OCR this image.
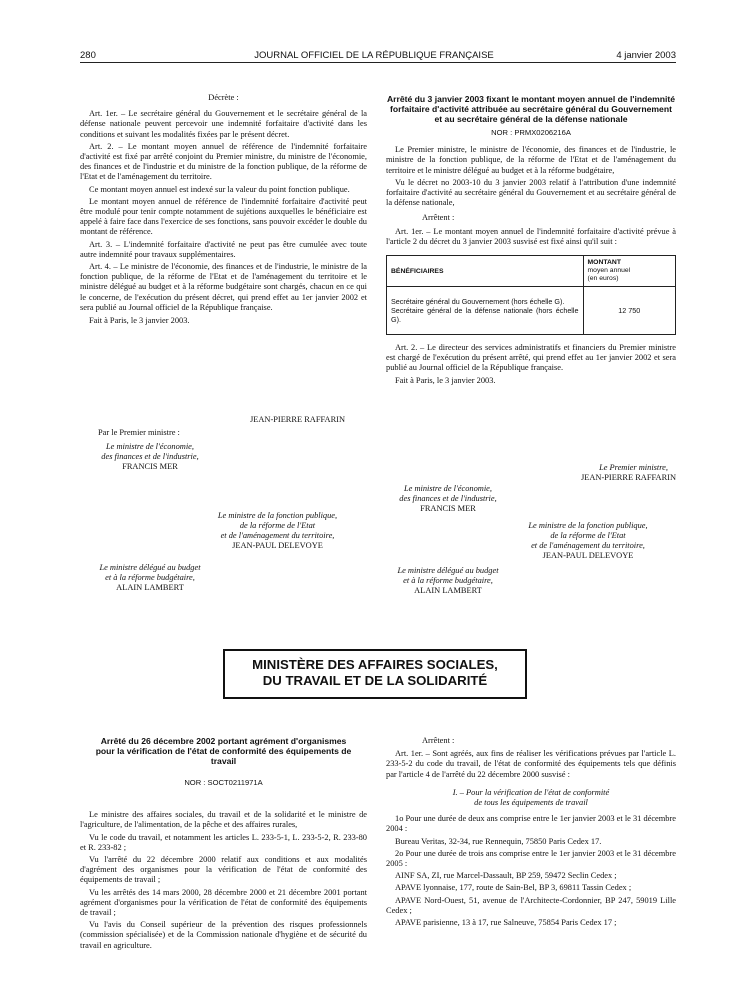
280	JOURNAL OFFICIEL DE LA RÉPUBLIQUE FRANÇAISE	4 janvier 2003
Décrète :

Art. 1er. – Le secrétaire général du Gouvernement et le secrétaire général de la défense nationale peuvent percevoir une indemnité forfaitaire d'activité dans les conditions et suivant les modalités fixées par le présent décret.

Art. 2. – Le montant moyen annuel de référence de l'indemnité forfaitaire d'activité est fixé par arrêté conjoint du Premier ministre, du ministre de l'économie, des finances et de l'industrie et du ministre de la fonction publique, de la réforme de l'Etat et de l'aménagement du territoire.

Ce montant moyen annuel est indexé sur la valeur du point fonction publique.

Le montant moyen annuel de référence de l'indemnité forfaitaire d'activité peut être modulé pour tenir compte notamment de sujétions auxquelles le bénéficiaire est appelé à faire face dans l'exercice de ses fonctions, sans pouvoir excéder le double du montant de référence.

Art. 3. – L'indemnité forfaitaire d'activité ne peut pas être cumulée avec toute autre indemnité pour travaux supplémentaires.

Art. 4. – Le ministre de l'économie, des finances et de l'industrie, le ministre de la fonction publique, de la réforme de l'Etat et de l'aménagement du territoire et le ministre délégué au budget et à la réforme budgétaire sont chargés, chacun en ce qui le concerne, de l'exécution du présent décret, qui prend effet au 1er janvier 2002 et sera publié au Journal officiel de la République française.

Fait à Paris, le 3 janvier 2003.

JEAN-PIERRE RAFFARIN
Par le Premier ministre :
Le ministre de l'économie,
des finances et de l'industrie,
FRANCIS MER
Le ministre de la fonction publique,
de la réforme de l'Etat
et de l'aménagement du territoire,
JEAN-PAUL DELEVOYE
Le ministre délégué au budget
et à la réforme budgétaire,
ALAIN LAMBERT
Arrêté du 3 janvier 2003 fixant le montant moyen annuel de l'indemnité forfaitaire d'activité attribuée au secrétaire général du Gouvernement et au secrétaire général de la défense nationale
NOR : PRMX0206216A

Le Premier ministre, le ministre de l'économie, des finances et de l'industrie, le ministre de la fonction publique, de la réforme de l'Etat et de l'aménagement du territoire et le ministre délégué au budget et à la réforme budgétaire,

Vu le décret no 2003-10 du 3 janvier 2003 relatif à l'attribution d'une indemnité forfaitaire d'activité au secrétaire général du Gouvernement et au secrétaire général de la défense nationale,

Arrêtent :

Art. 1er. – Le montant moyen annuel de l'indemnité forfaitaire d'activité prévue à l'article 2 du décret du 3 janvier 2003 susvisé est fixé ainsi qu'il suit :

BÉNÉFICIAIRES	MONTANT
moyen annuel
(en euros)

Secrétaire général du Gouvernement (hors échelle G).
Secrétaire général de la défense nationale (hors échelle G).	12 750

Art. 2. – Le directeur des services administratifs et financiers du Premier ministre est chargé de l'exécution du présent arrêté, qui prend effet au 1er janvier 2002 et sera publié au Journal officiel de la République française.

Fait à Paris, le 3 janvier 2003.

Le Premier ministre,
JEAN-PIERRE RAFFARIN
Le ministre de l'économie,
des finances et de l'industrie,
FRANCIS MER
Le ministre de la fonction publique,
de la réforme de l'Etat
et de l'aménagement du territoire,
JEAN-PAUL DELEVOYE
Le ministre délégué au budget
et à la réforme budgétaire,
ALAIN LAMBERT
MINISTÈRE DES AFFAIRES SOCIALES,
DU TRAVAIL ET DE LA SOLIDARITÉ
Arrêté du 26 décembre 2002 portant agrément d'organismes pour la vérification de l'état de conformité des équipements de travail
NOR : SOCT0211971A

Le ministre des affaires sociales, du travail et de la solidarité et le ministre de l'agriculture, de l'alimentation, de la pêche et des affaires rurales,

Vu le code du travail, et notamment les articles L. 233-5-1, L. 233-5-2, R. 233-80 et R. 233-82 ;

Vu l'arrêté du 22 décembre 2000 relatif aux conditions et aux modalités d'agrément des organismes pour la vérification de l'état de conformité des équipements de travail ;

Vu les arrêtés des 14 mars 2000, 28 décembre 2000 et 21 décembre 2001 portant agrément d'organismes pour la vérification de l'état de conformité des équipements de travail ;

Vu l'avis du Conseil supérieur de la prévention des risques professionnels (commission spécialisée) et de la Commission nationale d'hygiène et de sécurité du travail en agriculture.

Arrêtent :

Art. 1er. – Sont agréés, aux fins de réaliser les vérifications prévues par l'article L. 233-5-2 du code du travail, de l'état de conformité des équipements tels que définis par l'article 4 de l'arrêté du 22 décembre 2000 susvisé :

I. – Pour la vérification de l'état de conformité
de tous les équipements de travail

1o Pour une durée de deux ans comprise entre le 1er janvier 2003 et le 31 décembre 2004 :

Bureau Veritas, 32-34, rue Rennequin, 75850 Paris Cedex 17.

2o Pour une durée de trois ans comprise entre le 1er janvier 2003 et le 31 décembre 2005 :

AINF SA, ZI, rue Marcel-Dassault, BP 259, 59472 Seclin Cedex ;

APAVE lyonnaise, 177, route de Sain-Bel, BP 3, 69811 Tassin Cedex ;

APAVE Nord-Ouest, 51, avenue de l'Architecte-Cordonnier, BP 247, 59019 Lille Cedex ;

APAVE parisienne, 13 à 17, rue Salneuve, 75854 Paris Cedex 17 ;
